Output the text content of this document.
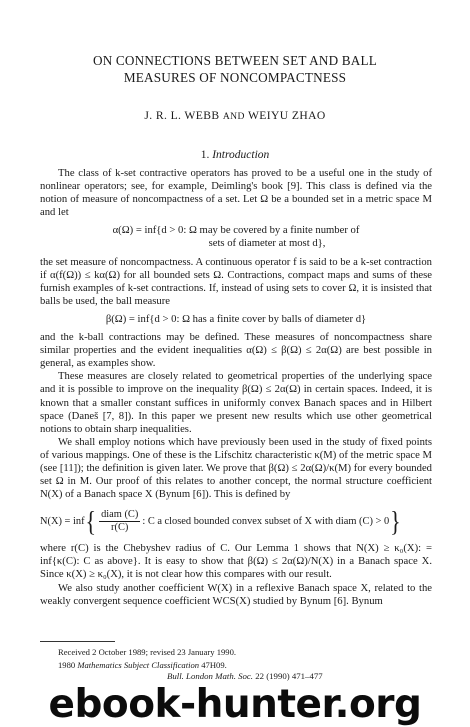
ON CONNECTIONS BETWEEN SET AND BALL
MEASURES OF NONCOMPACTNESS
J. R. L. WEBB AND WEIYU ZHAO
1. Introduction

The class of k-set contractive operators has proved to be a useful one in the study of nonlinear operators; see, for example, Deimling's book [9]. This class is defined via the notion of measure of noncompactness of a set. Let Ω be a bounded set in a metric space M and let

α(Ω) = inf{d > 0: Ω may be covered by a finite number of
sets of diameter at most d},

the set measure of noncompactness. A continuous operator f is said to be a k-set contraction if α(f(Ω)) ≤ kα(Ω) for all bounded sets Ω. Contractions, compact maps and sums of these furnish examples of k-set contractions. If, instead of using sets to cover Ω, it is insisted that balls be used, the ball measure

β(Ω) = inf{d > 0: Ω has a finite cover by balls of diameter d}

and the k-ball contractions may be defined. These measures of noncompactness share similar properties and the evident inequalities α(Ω) ≤ β(Ω) ≤ 2α(Ω) are best possible in general, as examples show.

These measures are closely related to geometrical properties of the underlying space and it is possible to improve on the inequality β(Ω) ≤ 2α(Ω) in certain spaces. Indeed, it is known that a smaller constant suffices in uniformly convex Banach spaces and in Hilbert space (Daneš [7, 8]). In this paper we present new results which use other geometrical notions to obtain sharp inequalities.

We shall employ notions which have previously been used in the study of fixed points of various mappings. One of these is the Lifschitz characteristic κ(M) of the metric space M (see [11]); the definition is given later. We prove that β(Ω) ≤ 2α(Ω)/κ(M) for every bounded set Ω in M. Our proof of this relates to another concept, the normal structure coefficient N(X) of a Banach space X (Bynum [6]). This is defined by

N(X) = inf { $\frac{\text{diam (C)}}{r(C)}$ : C a closed bounded convex subset of X with diam (C) > 0 }

where r(C) is the Chebyshev radius of C. Our Lemma 1 shows that N(X) ≥ κ₀(X): = inf{κ(C): C as above}. It is easy to show that β(Ω) ≤ 2α(Ω)/N(X) in a Banach space X. Since κ(X) ≥ κ₀(X), it is not clear how this compares with our result.

We also study another coefficient W(X) in a reflexive Banach space X, related to the weakly convergent sequence coefficient WCS(X) studied by Bynum [6]. Bynum

Received 2 October 1989; revised 23 January 1990.
1980 Mathematics Subject Classification 47H09.
Bull. London Math. Soc. 22 (1990) 471–477
ebook-hunter.org
